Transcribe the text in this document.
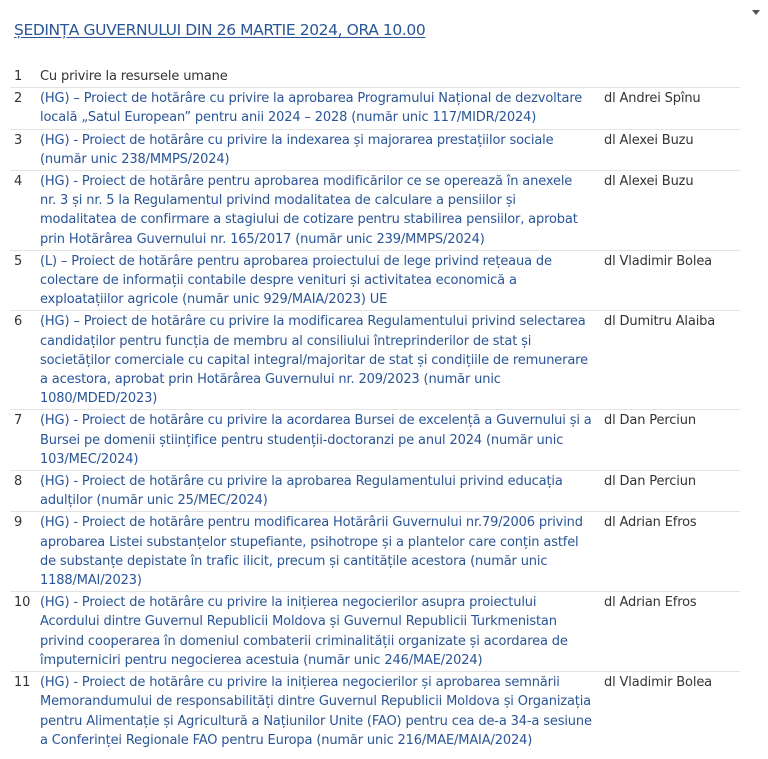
ȘEDINȚA GUVERNULUI DIN 26 MARTIE 2024, ORA 10.00
1	Cu privire la resursele umane	
2	(HG) – Proiect de hotărâre cu privire la aprobarea Programului Național de dezvoltare locală „Satul European” pentru anii 2024 – 2028 (număr unic 117/MIDR/2024)	dl Andrei Spînu
3	(HG) - Proiect de hotărâre cu privire la indexarea și majorarea prestațiilor sociale (număr unic 238/MMPS/2024)	dl Alexei Buzu
4	(HG) - Proiect de hotărâre pentru aprobarea modificărilor ce se operează în anexele nr. 3 și nr. 5 la Regulamentul privind modalitatea de calculare a pensiilor și modalitatea de confirmare a stagiului de cotizare pentru stabilirea pensiilor, aprobat prin Hotărârea Guvernului nr. 165/2017 (număr unic 239/MMPS/2024)	dl Alexei Buzu
5	(L) – Proiect de hotărâre pentru aprobarea proiectului de lege privind rețeaua de colectare de informații contabile despre venituri și activitatea economică a exploatațiilor agricole (număr unic 929/MAIA/2023) UE	dl Vladimir Bolea
6	(HG) – Proiect de hotărâre cu privire la modificarea Regulamentului privind selectarea candidaților pentru funcția de membru al consiliului întreprinderilor de stat și societăților comerciale cu capital integral/majoritar de stat și condițiile de remunerare a acestora, aprobat prin Hotărârea Guvernului nr. 209/2023 (număr unic 1080/MDED/2023)	dl Dumitru Alaiba
7	(HG) - Proiect de hotărâre cu privire la acordarea Bursei de excelență a Guvernului și a Bursei pe domenii științifice pentru studenții-doctoranzi pe anul 2024 (număr unic 103/MEC/2024)	dl Dan Perciun
8	(HG) - Proiect de hotărâre cu privire la aprobarea Regulamentului privind educația adulților (număr unic 25/MEC/2024)	dl Dan Perciun
9	(HG) - Proiect de hotărâre pentru modificarea Hotărârii Guvernului nr.79/2006 privind aprobarea Listei substanțelor stupefiante, psihotrope și a plantelor care conțin astfel de substanțe depistate în trafic ilicit, precum și cantitățile acestora (număr unic 1188/MAI/2023)	dl Adrian Efros
10	(HG) - Proiect de hotărâre cu privire la inițierea negocierilor asupra proiectului Acordului dintre Guvernul Republicii Moldova și Guvernul Republicii Turkmenistan privind cooperarea în domeniul combaterii criminalității organizate și acordarea de împuterniciri pentru negocierea acestuia (număr unic 246/MAE/2024)	dl Adrian Efros
11	(HG) - Proiect de hotărâre cu privire la inițierea negocierilor și aprobarea semnării Memorandumului de responsabilități dintre Guvernul Republicii Moldova și Organizația pentru Alimentație și Agricultură a Națiunilor Unite (FAO) pentru cea de-a 34-a sesiune a Conferinței Regionale FAO pentru Europa (număr unic 216/MAE/MAIA/2024)	dl Vladimir Bolea
